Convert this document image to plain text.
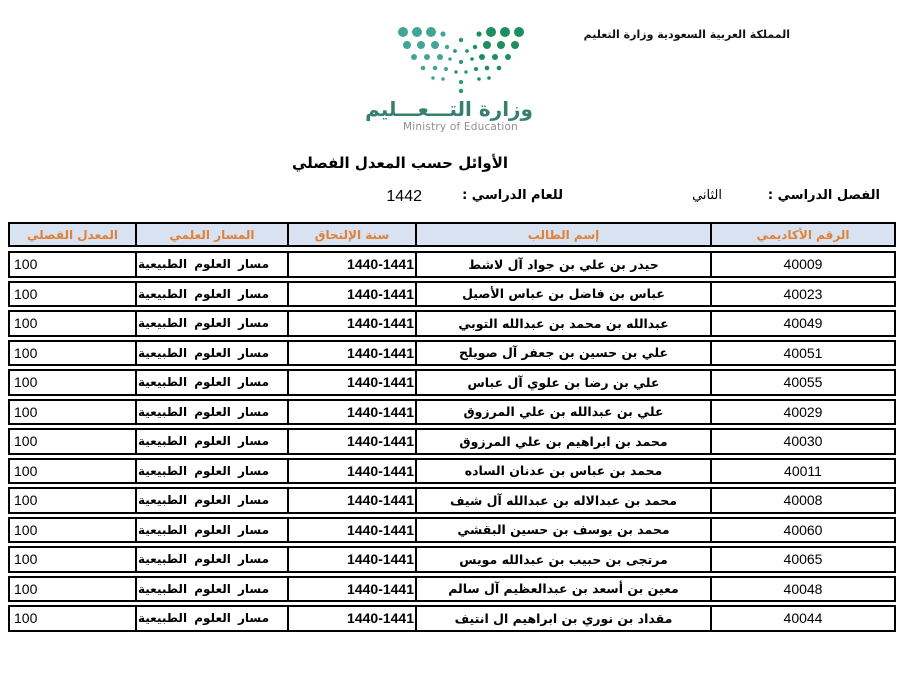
المملكة العربية السعودية وزارة التعليم
وزارة التـــعـــليم
Ministry of Education
الأوائل حسب المعدل الفصلي
الفصل الدراسي :
الثاني
للعام الدراسي :
1442
الرقم الأكاديمي
إسم الطالب
سنة الإلتحاق
المسار العلمي
المعدل الفصلي
40009
حيدر بن علي بن جواد آل لاشط
1440-1441
مسار العلوم الطبيعية
100
40023
عباس بن فاضل بن عباس الأصيل
1440-1441
مسار العلوم الطبيعية
100
40049
عبدالله بن محمد بن عبدالله التوبي
1440-1441
مسار العلوم الطبيعية
100
40051
علي بن حسين بن جعفر آل صويلح
1440-1441
مسار العلوم الطبيعية
100
40055
علي بن رضا بن علوي آل عباس
1440-1441
مسار العلوم الطبيعية
100
40029
علي بن عبدالله بن علي المرزوق
1440-1441
مسار العلوم الطبيعية
100
40030
محمد بن ابراهيم بن علي المرزوق
1440-1441
مسار العلوم الطبيعية
100
40011
محمد بن عباس بن عدنان الساده
1440-1441
مسار العلوم الطبيعية
100
40008
محمد بن عبدالاله بن عبدالله آل شيف
1440-1441
مسار العلوم الطبيعية
100
40060
محمد بن يوسف بن حسين البقشي
1440-1441
مسار العلوم الطبيعية
100
40065
مرتجى بن حبيب بن عبدالله مويس
1440-1441
مسار العلوم الطبيعية
100
40048
معين بن أسعد بن عبدالعظيم آل سالم
1440-1441
مسار العلوم الطبيعية
100
40044
مقداد بن نوري بن ابراهيم ال انتيف
1440-1441
مسار العلوم الطبيعية
100
